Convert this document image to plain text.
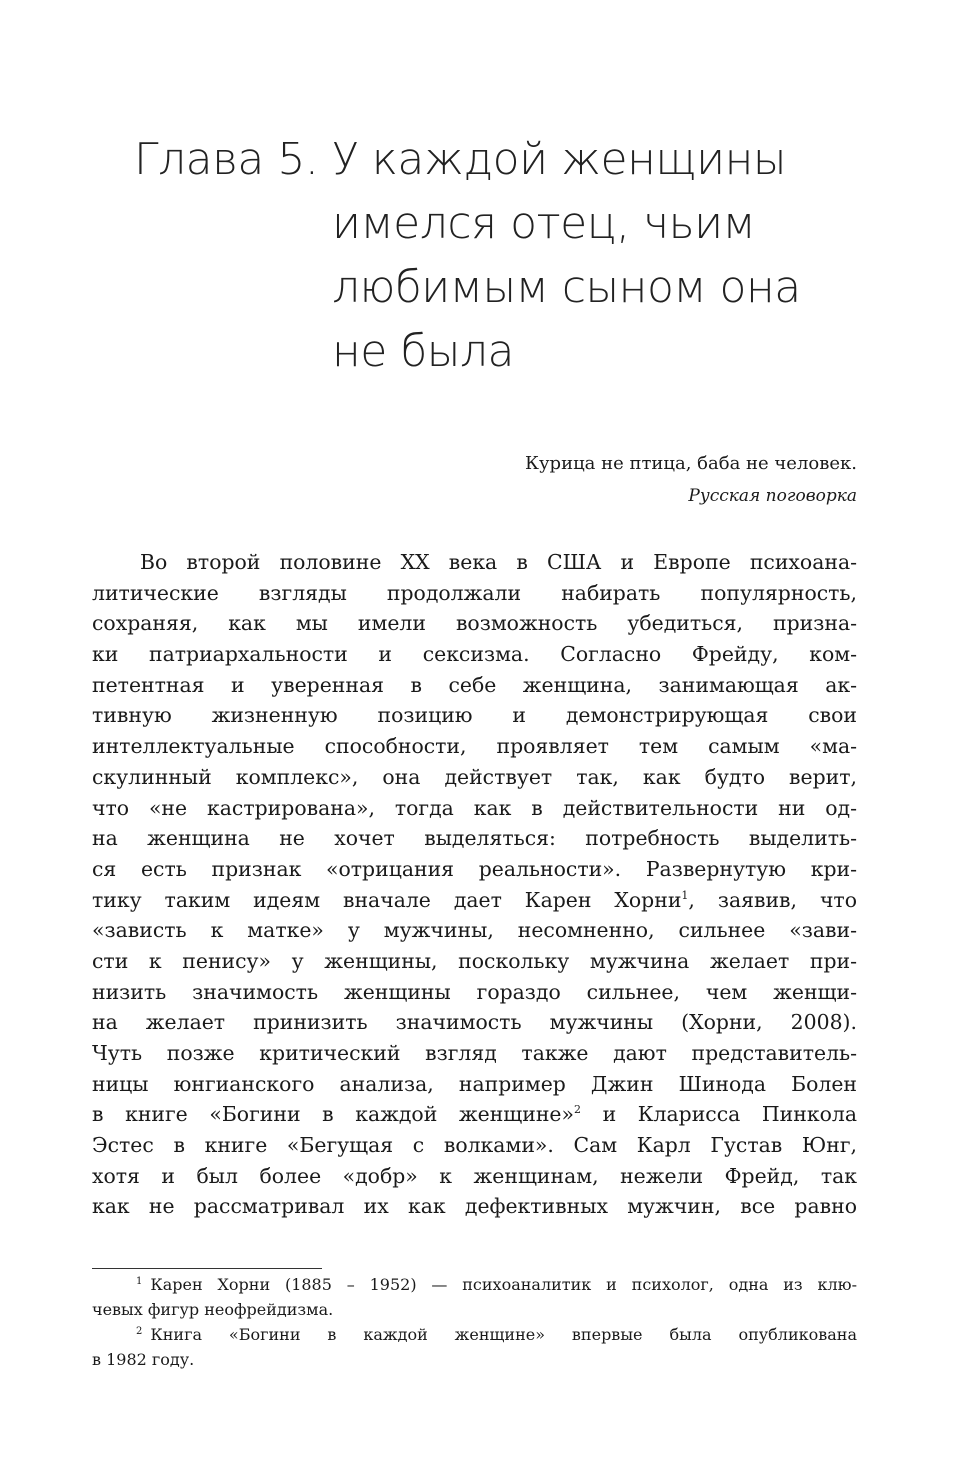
Глава 5. У каждой женщины
имелся отец, чьим
любимым сыном она
не была
Курица не птица, баба не человек.
Русская поговорка
Во второй половине XX века в США и Европе психоана-
литические взгляды продолжали набирать популярность,
сохраняя, как мы имели возможность убедиться, призна-
ки патриархальности и сексизма. Согласно Фрейду, ком-
петентная и уверенная в себе женщина, занимающая ак-
тивную жизненную позицию и демонстрирующая свои
интеллектуальные способности, проявляет тем самым «ма-
скулинный комплекс», она действует так, как будто верит,
что «не кастрирована», тогда как в действительности ни од-
на женщина не хочет выделяться: потребность выделить-
ся есть признак «отрицания реальности». Развернутую кри-
тику таким идеям вначале дает Карен Хорни$^1$, заявив, что
«зависть к матке» у мужчины, несомненно, сильнее «зави-
сти к пенису» у женщины, поскольку мужчина желает при-
низить значимость женщины гораздо сильнее, чем женщи-
на желает принизить значимость мужчины (Хорни, 2008).
Чуть позже критический взгляд также дают представитель-
ницы юнгианского анализа, например Джин Шинода Болен
в книге «Богини в каждой женщине»$^2$ и Кларисса Пинкола
Эстес в книге «Бегущая с волками». Сам Карл Густав Юнг,
хотя и был более «добр» к женщинам, нежели Фрейд, так
как не рассматривал их как дефективных мужчин, все равно
$^1$ Карен Хорни (1885 – 1952) — психоаналитик и психолог, одна из клю-
чевых фигур неофрейдизма.
$^2$ Книга «Богини в каждой женщине» впервые была опубликована
в 1982 году.
